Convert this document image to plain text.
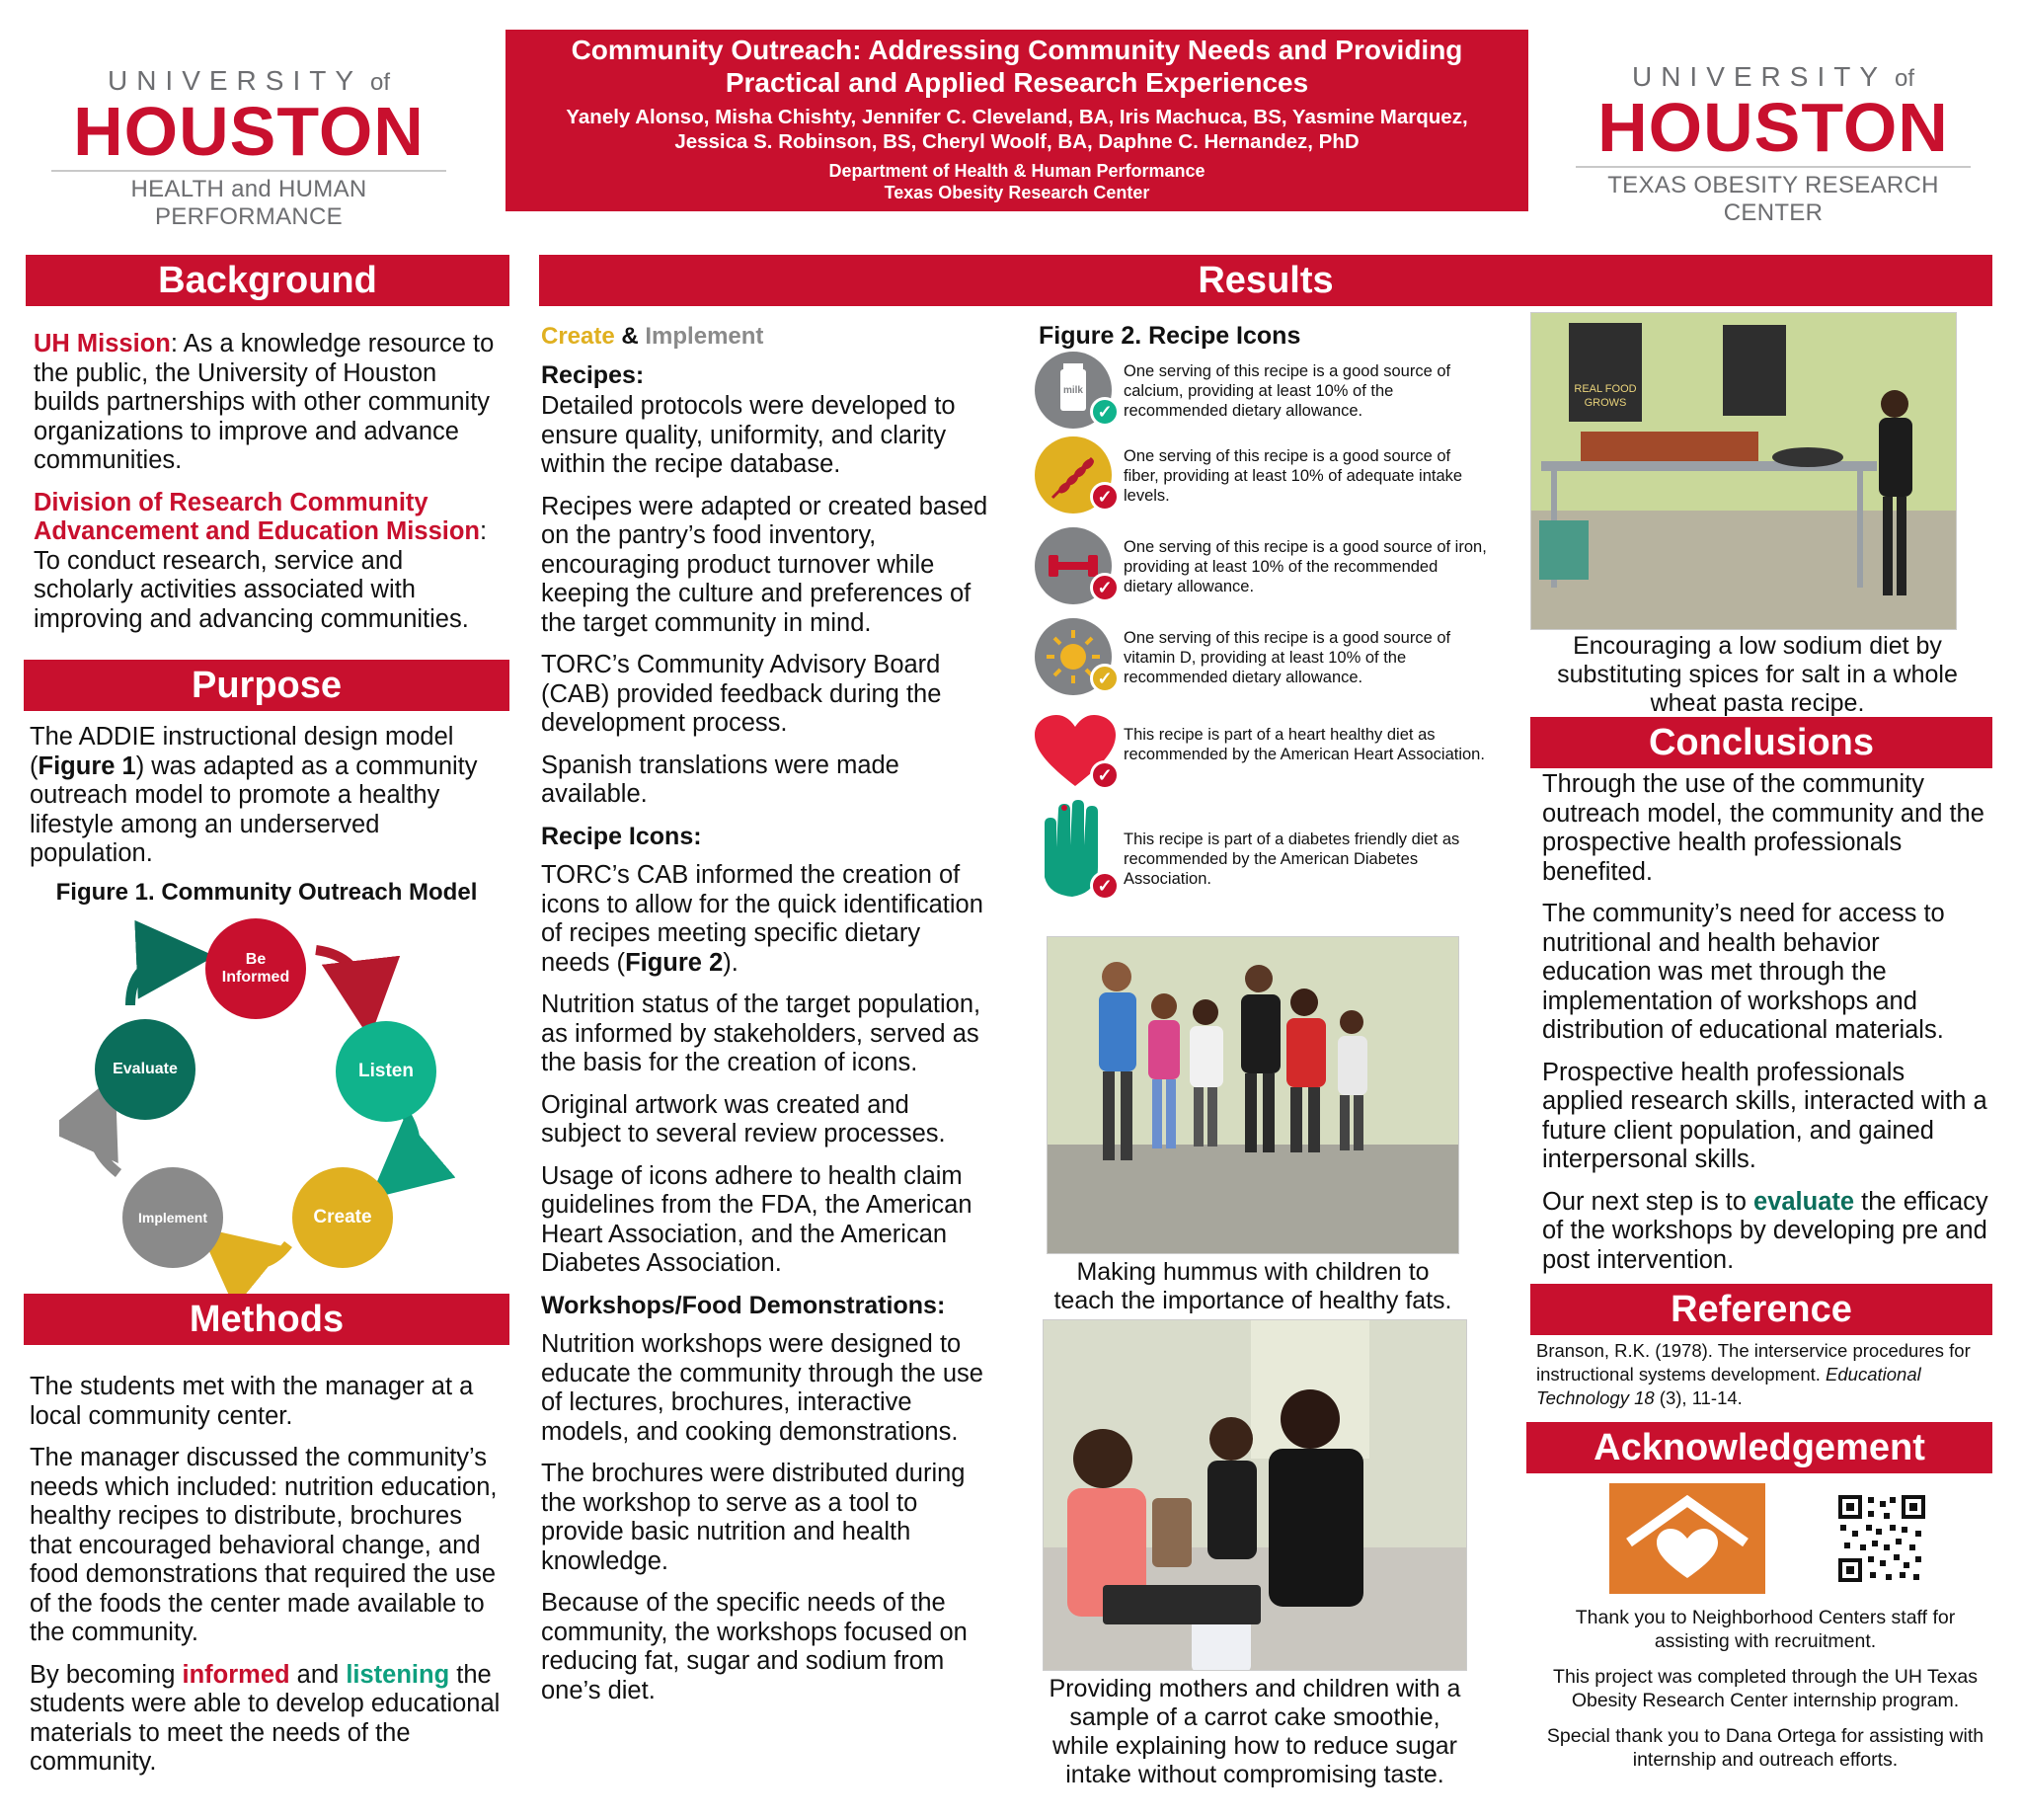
UNIVERSITY of
HOUSTON
HEALTH and HUMAN PERFORMANCE
Community Outreach: Addressing Community Needs and Providing
Practical and Applied Research Experiences
Yanely Alonso, Misha Chishty, Jennifer C. Cleveland, BA, Iris Machuca, BS, Yasmine Marquez,
Jessica S. Robinson, BS, Cheryl Woolf, BA, Daphne C. Hernandez, PhD
Department of Health & Human Performance
Texas Obesity Research Center
UNIVERSITY of
HOUSTON
TEXAS OBESITY RESEARCH CENTER
Background

UH Mission: As a knowledge resource to the public, the University of Houston builds partnerships with other community organizations to improve and advance communities.

Division of Research Community Advancement and Education Mission:
To conduct research, service and scholarly activities associated with improving and advancing communities.

Purpose
The ADDIE instructional design model (Figure 1) was adapted as a community outreach model to promote a healthy lifestyle among an underserved population.
Figure 1. Community Outreach Model
Be Informed
Listen
Create
Implement
Evaluate
Methods

The students met with the manager at a local community center.

The manager discussed the community’s needs which included: nutrition education, healthy recipes to distribute, brochures that encouraged behavioral change, and food demonstrations that required the use of the foods the center made available to the community.

By becoming informed and listening the students were able to develop educational materials to meet the needs of the community.

Results

Create & Implement

Recipes:

Detailed protocols were developed to ensure quality, uniformity, and clarity within the recipe database.

Recipes were adapted or created based on the pantry’s food inventory, encouraging product turnover while keeping the culture and preferences of the target community in mind.

TORC’s Community Advisory Board (CAB) provided feedback during the development process.

Spanish translations were made available.

Recipe Icons:

TORC’s CAB informed the creation of icons to allow for the quick identification of recipes meeting specific dietary needs (Figure 2).

Nutrition status of the target population, as informed by stakeholders, served as the basis for the creation of icons.

Original artwork was created and subject to several review processes.

Usage of icons adhere to health claim guidelines from the FDA, the American Heart Association, and the American Diabetes Association.

Workshops/Food Demonstrations:

Nutrition workshops were designed to educate the community through the use of lectures, brochures, interactive models, and cooking demonstrations.

The brochures were distributed during the workshop to serve as a tool to provide basic nutrition and health knowledge.

Because of the specific needs of the community, the workshops focused on reducing fat, sugar and sodium from one’s diet.

Figure 2. Recipe Icons
milk
✓
One serving of this recipe is a good source of calcium, providing at least 10% of the recommended dietary allowance.
✓
One serving of this recipe is a good source of fiber, providing at least 10% of adequate intake levels.
✓
One serving of this recipe is a good source of iron, providing at least 10% of the recommended dietary allowance.
✓
One serving of this recipe is a good source of vitamin D, providing at least 10% of the recommended dietary allowance.
✓
This recipe is part of a heart healthy diet as recommended by the American Heart Association.
✓
This recipe is part of a diabetes friendly diet as recommended by the American Diabetes Association.
Making hummus with children to teach the importance of healthy fats.
Providing mothers and children with a sample of a carrot cake smoothie, while explaining how to reduce sugar intake without compromising taste.
REAL FOOD
GROWS
Encouraging a low sodium diet by substituting spices for salt in a whole wheat pasta recipe.
Conclusions

Through the use of the community outreach model, the community and the prospective health professionals benefited.

The community’s need for access to nutritional and health behavior education was met through the implementation of workshops and distribution of educational materials.

Prospective health professionals applied research skills, interacted with a future client population, and gained interpersonal skills.

Our next step is to evaluate the efficacy of the workshops by developing pre and post intervention.

Reference
Branson, R.K. (1978). The interservice procedures for instructional systems development. Educational Technology 18 (3), 11-14.
Acknowledgement

Thank you to Neighborhood Centers staff for assisting with recruitment.

This project was completed through the UH Texas Obesity Research Center internship program.

Special thank you to Dana Ortega for assisting with internship and outreach efforts.
